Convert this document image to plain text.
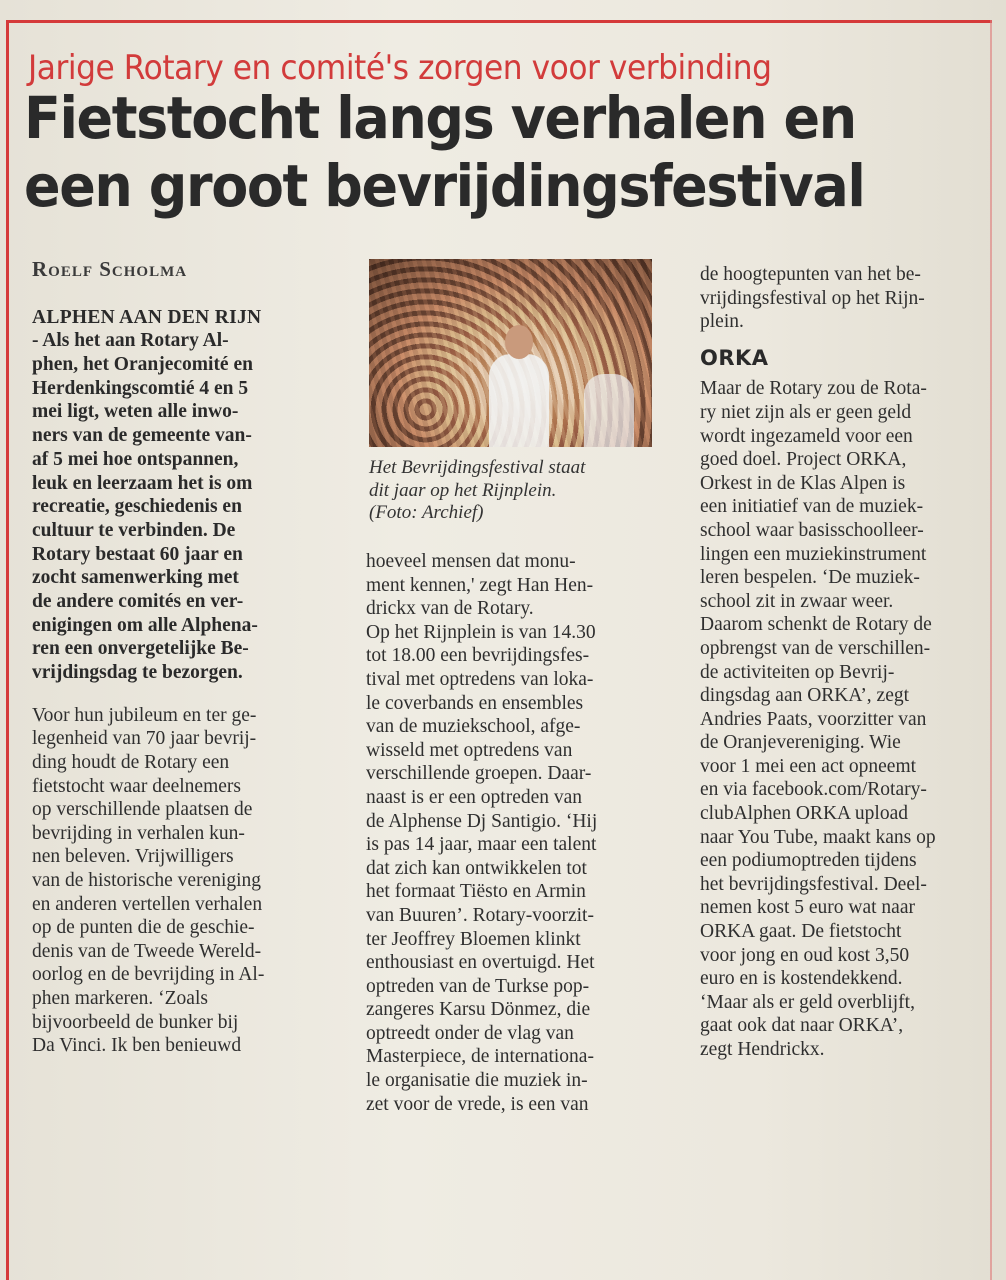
Jarige Rotary en comité's zorgen voor verbinding
Fietstocht langs verhalen en
een groot bevrijdingsfestival

Roelf Scholma

ALPHEN AAN DEN RIJN
- Als het aan Rotary Al-
phen, het Oranjecomité en
Herdenkingscomtié 4 en 5
mei ligt, weten alle inwo-
ners van de gemeente van-
af 5 mei hoe ontspannen,
leuk en leerzaam het is om
recreatie, geschiedenis en
cultuur te verbinden. De
Rotary bestaat 60 jaar en
zocht samenwerking met
de andere comités en ver-
enigingen om alle Alphena-
ren een onvergetelijke Be-
vrijdingsdag te bezorgen.

Voor hun jubileum en ter ge-
legenheid van 70 jaar bevrij-
ding houdt de Rotary een
fietstocht waar deelnemers
op verschillende plaatsen de
bevrijding in verhalen kun-
nen beleven. Vrijwilligers
van de historische vereniging
en anderen vertellen verhalen
op de punten die de geschie-
denis van de Tweede Wereld-
oorlog en de bevrijding in Al-
phen markeren. ‘Zoals
bijvoorbeeld de bunker bij
Da Vinci. Ik ben benieuwd

Het Bevrijdingsfestival staat
dit jaar op het Rijnplein.
(Foto: Archief)

hoeveel mensen dat monu-
ment kennen,' zegt Han Hen-
drickx van de Rotary.
Op het Rijnplein is van 14.30
tot 18.00 een bevrijdingsfes-
tival met optredens van loka-
le coverbands en ensembles
van de muziekschool, afge-
wisseld met optredens van
verschillende groepen. Daar-
naast is er een optreden van
de Alphense Dj Santigio. ‘Hij
is pas 14 jaar, maar een talent
dat zich kan ontwikkelen tot
het formaat Tiësto en Armin
van Buuren’. Rotary-voorzit-
ter Jeoffrey Bloemen klinkt
enthousiast en overtuigd. Het
optreden van de Turkse pop-
zangeres Karsu Dönmez, die
optreedt onder de vlag van
Masterpiece, de internationa-
le organisatie die muziek in-
zet voor de vrede, is een van

de hoogtepunten van het be-
vrijdingsfestival op het Rijn-
plein.

ORKA

Maar de Rotary zou de Rota-
ry niet zijn als er geen geld
wordt ingezameld voor een
goed doel. Project ORKA,
Orkest in de Klas Alpen is
een initiatief van de muziek-
school waar basisschoolleer-
lingen een muziekinstrument
leren bespelen. ‘De muziek-
school zit in zwaar weer.
Daarom schenkt de Rotary de
opbrengst van de verschillen-
de activiteiten op Bevrij-
dingsdag aan ORKA’, zegt
Andries Paats, voorzitter van
de Oranjevereniging. Wie
voor 1 mei een act opneemt
en via facebook.com/Rotary-
clubAlphen ORKA upload
naar You Tube, maakt kans op
een podiumoptreden tijdens
het bevrijdingsfestival. Deel-
nemen kost 5 euro wat naar
ORKA gaat. De fietstocht
voor jong en oud kost 3,50
euro en is kostendekkend.
‘Maar als er geld overblijft,
gaat ook dat naar ORKA’,
zegt Hendrickx.
